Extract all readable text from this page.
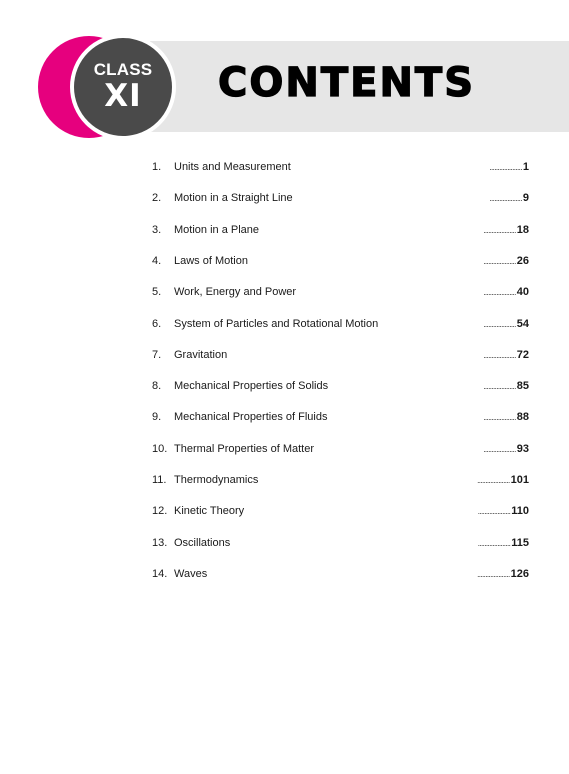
CLASS
XI	CONTENTS
1. Units and Measurement	....................1
2. Motion in a Straight Line	....................9
3. Motion in a Plane	....................18
4. Laws of Motion	....................26
5. Work, Energy and Power	....................40
6. System of Particles and Rotational Motion	....................54
7. Gravitation	....................72
8. Mechanical Properties of Solids	....................85
9. Mechanical Properties of Fluids	....................88
10. Thermal Properties of Matter	....................93
11. Thermodynamics	....................101
12. Kinetic Theory	....................110
13. Oscillations	....................115
14. Waves	....................126
